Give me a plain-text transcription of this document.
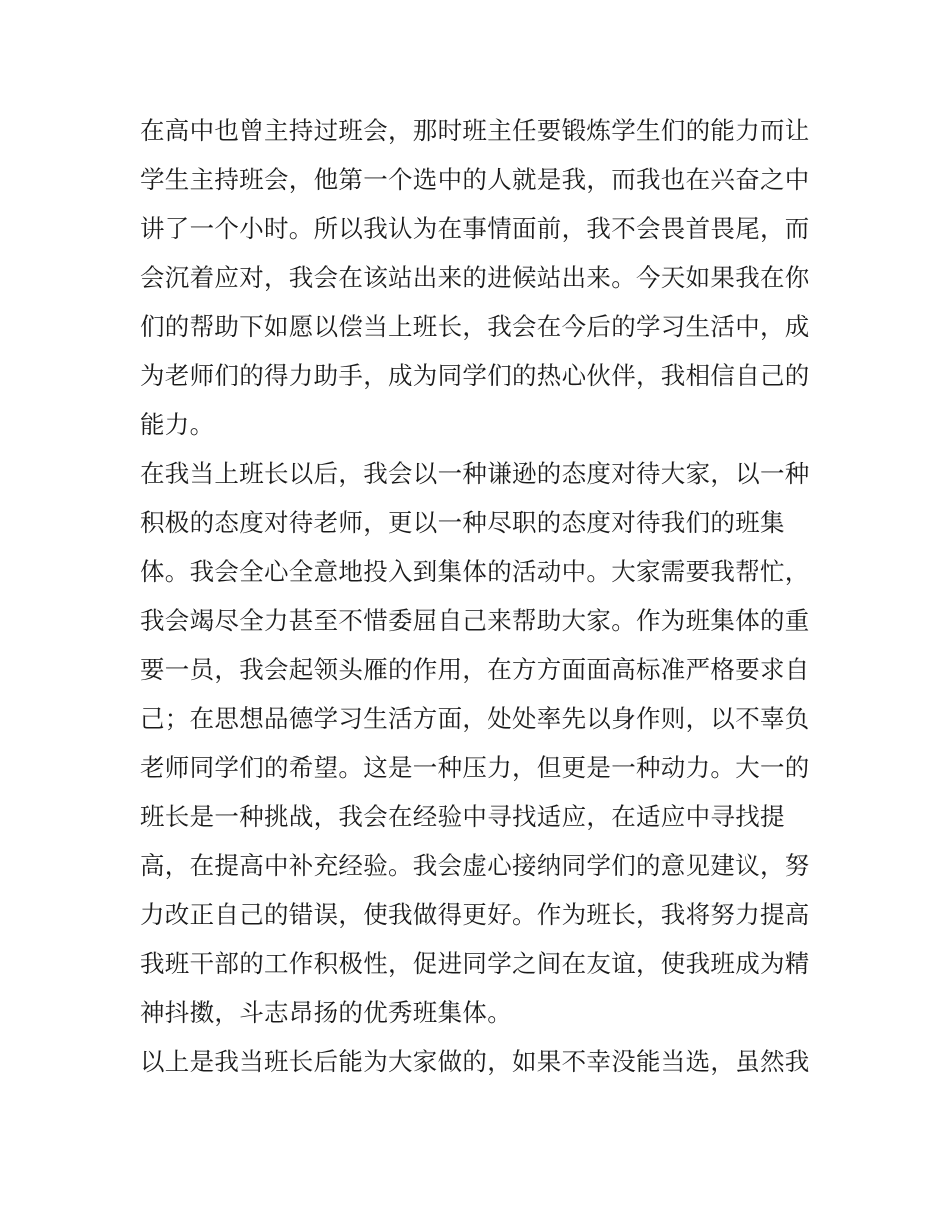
在高中也曾主持过班会，那时班主任要锻炼学生们的能力而让
学生主持班会，他第一个选中的人就是我，而我也在兴奋之中
讲了一个小时。所以我认为在事情面前，我不会畏首畏尾，而
会沉着应对，我会在该站出来的进候站出来。今天如果我在你
们的帮助下如愿以偿当上班长，我会在今后的学习生活中，成
为老师们的得力助手，成为同学们的热心伙伴，我相信自己的
能力。
在我当上班长以后，我会以一种谦逊的态度对待大家，以一种
积极的态度对待老师，更以一种尽职的态度对待我们的班集
体。我会全心全意地投入到集体的活动中。大家需要我帮忙，
我会竭尽全力甚至不惜委屈自己来帮助大家。作为班集体的重
要一员，我会起领头雁的作用，在方方面面高标准严格要求自
己；在思想品德学习生活方面，处处率先以身作则，以不辜负
老师同学们的希望。这是一种压力，但更是一种动力。大一的
班长是一种挑战，我会在经验中寻找适应，在适应中寻找提
高，在提高中补充经验。我会虚心接纳同学们的意见建议，努
力改正自己的错误，使我做得更好。作为班长，我将努力提高
我班干部的工作积极性，促进同学之间在友谊，使我班成为精
神抖擞，斗志昂扬的优秀班集体。
以上是我当班长后能为大家做的，如果不幸没能当选，虽然我
